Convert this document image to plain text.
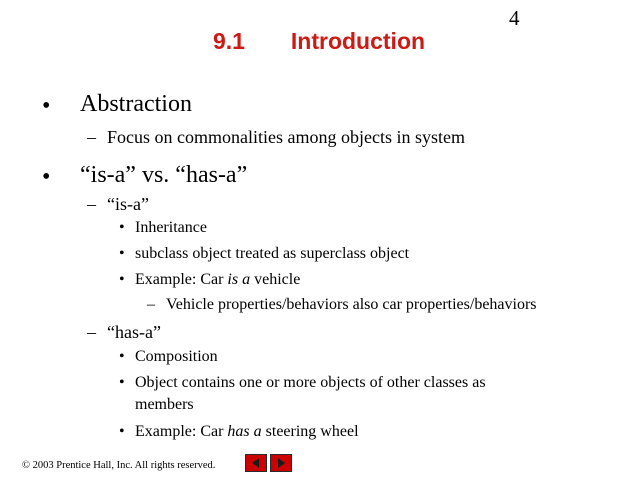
4
9.1  Introduction
• Abstraction
– Focus on commonalities among objects in system
• “is-a” vs. “has-a”
– “is-a”
• Inheritance
• subclass object treated as superclass object
• Example: Car is a vehicle
– Vehicle properties/behaviors also car properties/behaviors
– “has-a”
• Composition
• Object contains one or more objects of other classes as
members
• Example: Car has a steering wheel
© 2003 Prentice Hall, Inc. All rights reserved.
